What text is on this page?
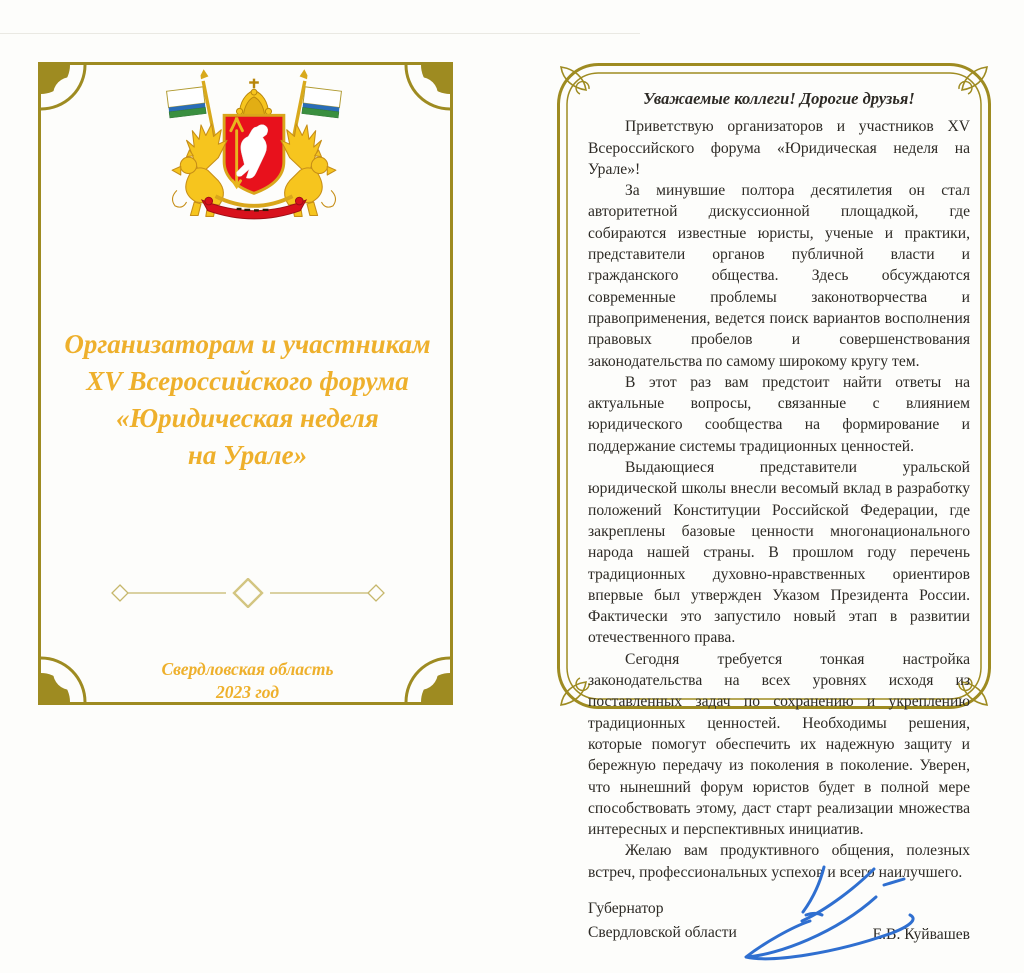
Организаторам и участникам
XV Всероссийского форума
«Юридическая неделя
на Урале»
Свердловская область
2023 год
Уважаемые коллеги! Дорогие друзья!

Приветствую организаторов и участников XV Всероссийского форума «Юридическая неделя на Урале»!

За минувшие полтора десятилетия он стал авторитетной дискуссионной площадкой, где собираются известные юристы, ученые и практики, представители органов публичной власти и гражданского общества. Здесь обсуждаются современные проблемы законотворчества и правоприменения, ведется поиск вариантов восполнения правовых пробелов и совершенствования законодательства по самому широкому кругу тем.

В этот раз вам предстоит найти ответы на актуальные вопросы, связанные с влиянием юридического сообщества на формирование и поддержание системы традиционных ценностей.

Выдающиеся представители уральской юридической школы внесли весомый вклад в разработку положений Конституции Российской Федерации, где закреплены базовые ценности многонационального народа нашей страны. В прошлом году перечень традиционных духовно-нравственных ориентиров впервые был утвержден Указом Президента России. Фактически это запустило новый этап в развитии отечественного права.

Сегодня требуется тонкая настройка законодательства на всех уровнях исходя из поставленных задач по сохранению и укреплению традиционных ценностей. Необходимы решения, которые помогут обеспечить их надежную защиту и бережную передачу из поколения в поколение. Уверен, что нынешний форум юристов будет в полной мере способствовать этому, даст старт реализации множества интересных и перспективных инициатив.

Желаю вам продуктивного общения, полезных встреч, профессиональных успехов и всего наилучшего.

Губернатор
Свердловской области	Е.В. Куйвашев
